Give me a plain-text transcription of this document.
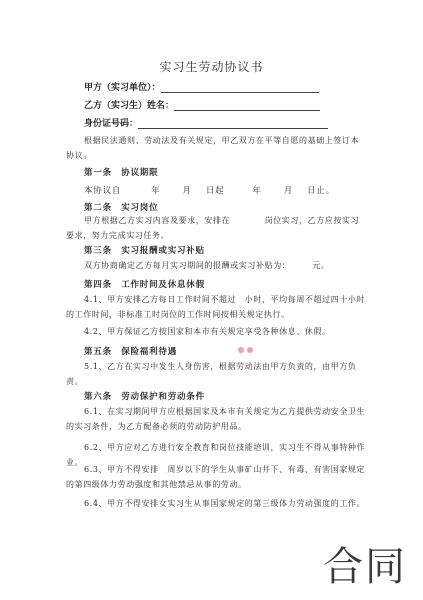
实习生劳动协议书
甲方（实习单位）：
乙方（实习生）姓名：
身份证号码：

根据民法通则、劳动法及有关规定，甲乙双方在平等自愿的基础上签订本协议。

第一条　协议期限
本协议自	年	月 日起	年	月 日止。
第二条　实习岗位

甲方根据乙方实习内容及要求，安排在　　　　岗位实习，乙方应按实习要求，努力完成实习任务。

第三条　实习报酬或实习补贴

双方协商确定乙方每月实习期间的报酬或实习补贴为：　　　元。

第四条　工作时间及休息休假

4.1、甲方安排乙方每日工作时间不超过　小时，平均每周不超过四十小时的工作时间，非标准工时岗位的工作时间按相关规定执行。

4.2、甲方保证乙方按国家和本市有关规定享受各种休息、休假。

第五条　保险福利待遇

5.1、乙方在实习中发生人身伤害，根据劳动法由甲方负责的，由甲方负责。

第六条　劳动保护和劳动条件

6.1、在实习期间甲方应根据国家及本市有关规定为乙方提供劳动安全卫生的实习条件，为乙方配备必须的劳动防护用品。

6.2、甲方应对乙方进行安全教育和岗位技能培训，实习生不得从事特种作业。

6.3、甲方不得安排　周岁以下的学生从事矿山井下、有毒、有害国家规定的第四级体力劳动强度和其他禁忌从事的劳动。

6.4、甲方不得安排女实习生从事国家规定的第三级体力劳动强度的工作。

合同
